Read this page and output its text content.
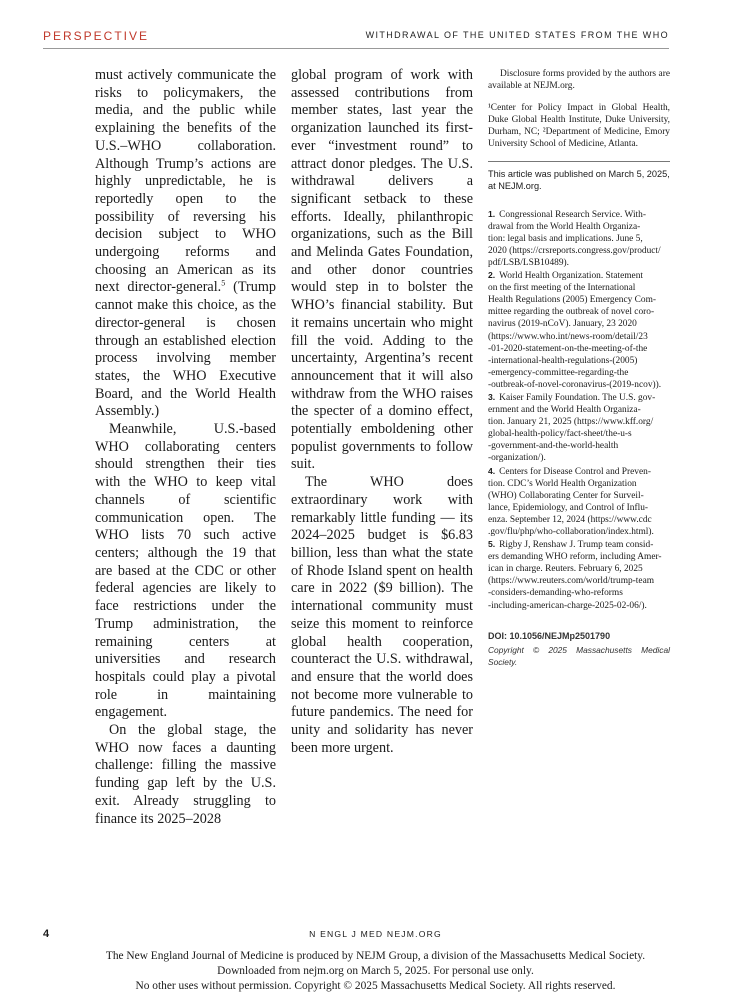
PERSPECTIVE	WITHDRAWAL OF THE UNITED STATES FROM THE WHO

must actively communicate the risks to policymakers, the media, and the public while explaining the benefits of the U.S.–WHO collaboration. Although Trump’s actions are highly unpredictable, he is reportedly open to the possibility of reversing his decision subject to WHO undergoing reforms and choosing an American as its next director-general.$^5$ (Trump cannot make this choice, as the director-general is chosen through an established election process involving member states, the WHO Executive Board, and the World Health Assembly.)

Meanwhile, U.S.-based WHO collaborating centers should strengthen their ties with the WHO to keep vital channels of scientific communication open. The WHO lists 70 such active centers; although the 19 that are based at the CDC or other federal agencies are likely to face restrictions under the Trump administration, the remaining centers at universities and research hospitals could play a pivotal role in maintaining engagement.

On the global stage, the WHO now faces a daunting challenge: filling the massive funding gap left by the U.S. exit. Already struggling to finance its 2025–2028

global program of work with assessed contributions from member states, last year the organization launched its first-ever “investment round” to attract donor pledges. The U.S. withdrawal delivers a significant setback to these efforts. Ideally, philanthropic organizations, such as the Bill and Melinda Gates Foundation, and other donor countries would step in to bolster the WHO’s financial stability. But it remains uncertain who might fill the void. Adding to the uncertainty, Argentina’s recent announcement that it will also withdraw from the WHO raises the specter of a domino effect, potentially emboldening other populist governments to follow suit.

The WHO does extraordinary work with remarkably little funding — its 2024–2025 budget is $6.83 billion, less than what the state of Rhode Island spent on health care in 2022 ($9 billion). The international community must seize this moment to reinforce global health cooperation, counteract the U.S. withdrawal, and ensure that the world does not become more vulnerable to future pandemics. The need for unity and solidarity has never been more urgent.

Disclosure forms provided by the authors are available at NEJM.org.

¹Center for Policy Impact in Global Health, Duke Global Health Institute, Duke University, Durham, NC; ²Department of Medicine, Emory University School of Medicine, Atlanta.

This article was published on March 5, 2025, at NEJM.org.

1. Congressional Research Service. With-
drawal from the World Health Organiza-
tion: legal basis and implications. June 5,
2020 (https://crsreports.congress.gov/product/
pdf/LSB/LSB10489).

2. World Health Organization. Statement
on the first meeting of the International
Health Regulations (2005) Emergency Com-
mittee regarding the outbreak of novel coro-
navirus (2019-nCoV). January, 23 2020
(https://www.who.int/news-room/detail/23
-01-2020-statement-on-the-meeting-of-the
-international-health-regulations-(2005)
-emergency-committee-regarding-the
-outbreak-of-novel-coronavirus-(2019-ncov)).

3. Kaiser Family Foundation. The U.S. gov-
ernment and the World Health Organiza-
tion. January 21, 2025 (https://www.kff.org/
global-health-policy/fact-sheet/the-u-s
-government-and-the-world-health
-organization/).

4. Centers for Disease Control and Preven-
tion. CDC’s World Health Organization
(WHO) Collaborating Center for Surveil-
lance, Epidemiology, and Control of Influ-
enza. September 12, 2024 (https://www.cdc
.gov/flu/php/who-collaboration/index.html).

5. Rigby J, Renshaw J. Trump team consid-
ers demanding WHO reform, including Amer-
ican in charge. Reuters. February 6, 2025
(https://www.reuters.com/world/trump-team
-considers-demanding-who-reforms
-including-american-charge-2025-02-06/).

DOI: 10.1056/NEJMp2501790
Copyright © 2025 Massachusetts Medical Society.
4	N ENGL J MED NEJM.ORG
The New England Journal of Medicine is produced by NEJM Group, a division of the Massachusetts Medical Society.
Downloaded from nejm.org on March 5, 2025. For personal use only.
No other uses without permission. Copyright © 2025 Massachusetts Medical Society. All rights reserved.
